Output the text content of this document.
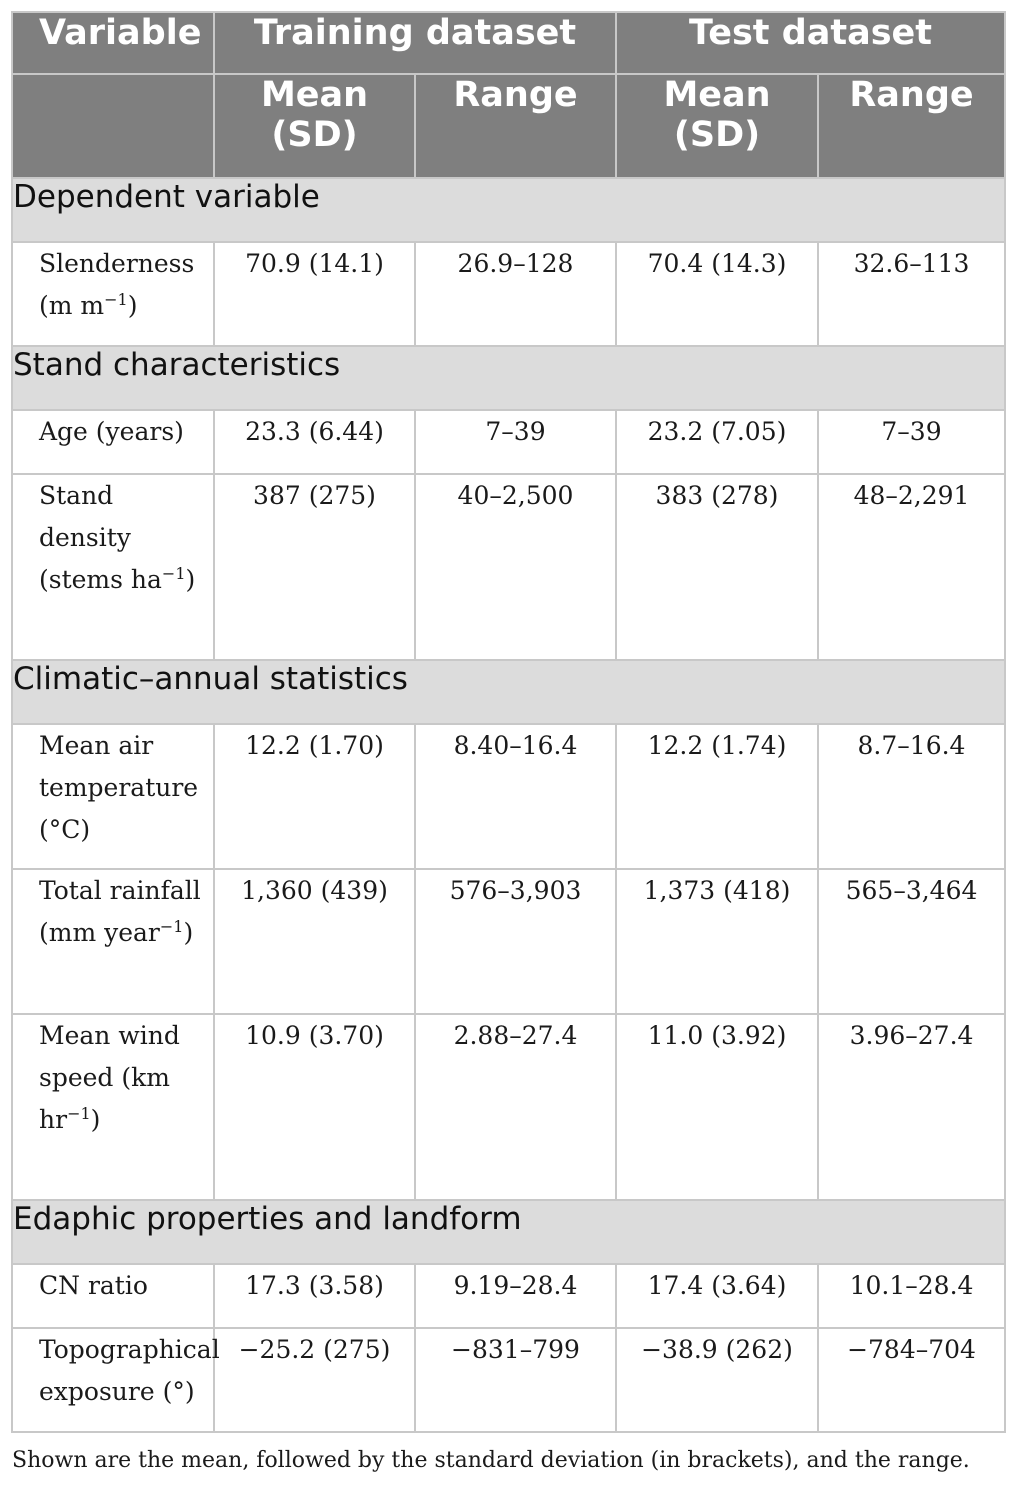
Variable	Training dataset		Test dataset	
	Mean (SD)	Range	Mean (SD)	Range
Dependent variable				
Slenderness (m $m^{-1}$)	70.9 (14.1)	26.9–128	70.4 (14.3)	32.6–113
Stand characteristics				
Age (years)	23.3 (6.44)	7–39	23.2 (7.05)	7–39
Stand density (stems $ha^{-1}$)	387 (275)	40–2,500	383 (278)	48–2,291
Climatic–annual statistics				
Mean air temperature (°C)	12.2 (1.70)	8.40–16.4	12.2 (1.74)	8.7–16.4
Total rainfall (mm year$^{-1}$)	1,360 (439)	576–3,903	1,373 (418)	565–3,464
Mean wind speed (km $hr^{-1}$)	10.9 (3.70)	2.88–27.4	11.0 (3.92)	3.96–27.4
Edaphic properties and landform				
CN ratio	17.3 (3.58)	9.19–28.4	17.4 (3.64)	10.1–28.4
Topographical exposure (°)	−25.2 (275)	−831–799	−38.9 (262)	−784–704
Shown are the mean, followed by the standard deviation (in brackets), and the range.
